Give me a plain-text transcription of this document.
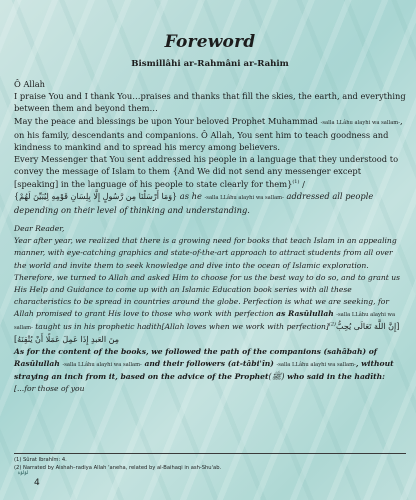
Foreword
Bismillâhi ar-Rahmâni ar-Rahim

Ô Allah

I praise You and I thank You…praises and thanks that fill the skies, the earth, and everything between them and beyond them…

May the peace and blessings be upon Your beloved Prophet Muhammad -salla LLâhu alayhi wa sallam-, on his family, descendants and companions. Ô Allah, You sent him to teach goodness and kindness to mankind and to spread his mercy among believers.

Every Messenger that You sent addressed his people in a language that they understood to convey the message of Islam to them {And We did not send any messenger except [speaking] in the language of his people to state clearly for them}$^{(1)}$ /
{وَمَا أَرْسَلْنَا مِن رَّسُولٍ إِلَّا بِلِسَانِ قَوْمِهِ لِيُبَيِّنَ لَهُمْ} as he -salla LLâhu alayhi wa sallam- addressed all people depending on their level of thinking and understanding.

Dear Reader,

Year after year, we realized that there is a growing need for books that teach Islam in an appealing manner, with eye-catching graphics and state-of-the-art approach to attract students from all over the world and invite them to seek knowledge and dive into the ocean of Islamic exploration. Therefore, we turned to Allah and asked Him to choose for us the best way to do so, and to grant us His Help and Guidance to come up with an Islamic Education book series with all these characteristics to be spread in countries around the globe. Perfection is what we are seeking, for Allah promised to grant His love to those who work with perfection as Rasûlullah -salla LLâhu alayhi wa sallam- taught us in his prophetic hadith[Allah loves when we work with perfection]$^{(2)}$[إِنَّ اللَّهَ تَعَالَى يُحِبُّ مِنَ العَبدِ إِذَا عَمِلَ عَمَلًا أَنْ يُتْقِنَهُ]

As for the content of the books, we followed the path of the companions (sahâbah) of Rasûlullah -salla LLâhu alayhi wa sallam- and their followers (at-tâbi'în) -salla LLâhu alayhi wa sallam-, without straying an inch from it, based on the advice of the Prophet(ﷺ) who said in the hadîth: [...for those of you

(1) Sûrat Ibrahîm: 4.
(2) Narrated by Aishah–radiya Allah 'aneha, related by al-Baihaqi in ash-Shu'ab.
لؤلؤة
4
